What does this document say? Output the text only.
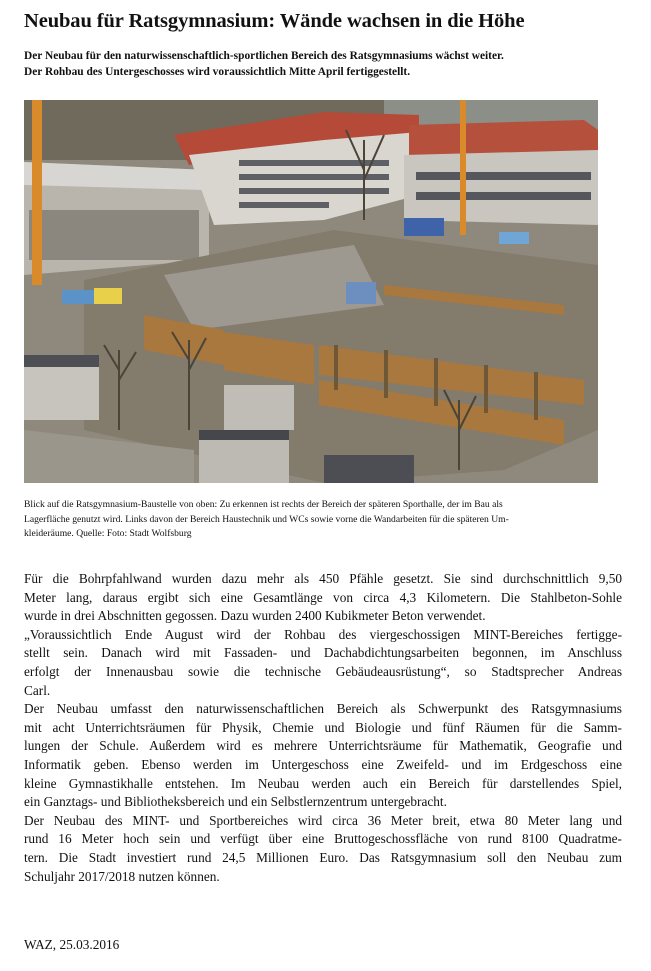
Neubau für Ratsgymnasium: Wände wachsen in die Höhe
Der Neubau für den naturwissenschaftlich-sportlichen Bereich des Ratsgymnasiums wächst weiter.
Der Rohbau des Untergeschosses wird voraussichtlich Mitte April fertiggestellt.
Blick auf die Ratsgymnasium-Baustelle von oben: Zu erkennen ist rechts der Bereich der späteren Sporthalle, der im Bau als
Lagerfläche genutzt wird. Links davon der Bereich Haustechnik und WCs sowie vorne die Wandarbeiten für die späteren Um-
kleideräume. Quelle: Foto: Stadt Wolfsburg
Für die Bohrpfahlwand wurden dazu mehr als 450 Pfähle gesetzt. Sie sind durchschnittlich 9,50
Meter lang, daraus ergibt sich eine Gesamtlänge von circa 4,3 Kilometern. Die Stahlbeton-Sohle
wurde in drei Abschnitten gegossen. Dazu wurden 2400 Kubikmeter Beton verwendet.
„Voraussichtlich Ende August wird der Rohbau des viergeschossigen MINT-Bereiches fertigge-
stellt sein. Danach wird mit Fassaden- und Dachabdichtungsarbeiten begonnen, im Anschluss
erfolgt der Innenausbau sowie die technische Gebäudeausrüstung“, so Stadtsprecher Andreas
Carl.
Der Neubau umfasst den naturwissenschaftlichen Bereich als Schwerpunkt des Ratsgymnasiums
mit acht Unterrichtsräumen für Physik, Chemie und Biologie und fünf Räumen für die Samm-
lungen der Schule. Außerdem wird es mehrere Unterrichtsräume für Mathematik, Geografie und
Informatik geben. Ebenso werden im Untergeschoss eine Zweifeld- und im Erdgeschoss eine
kleine Gymnastikhalle entstehen. Im Neubau werden auch ein Bereich für darstellendes Spiel,
ein Ganztags- und Bibliotheksbereich und ein Selbstlernzentrum untergebracht.
Der Neubau des MINT- und Sportbereiches wird circa 36 Meter breit, etwa 80 Meter lang und
rund 16 Meter hoch sein und verfügt über eine Bruttogeschossfläche von rund 8100 Quadratme-
tern. Die Stadt investiert rund 24,5 Millionen Euro. Das Ratsgymnasium soll den Neubau zum
Schuljahr 2017/2018 nutzen können.
WAZ, 25.03.2016
